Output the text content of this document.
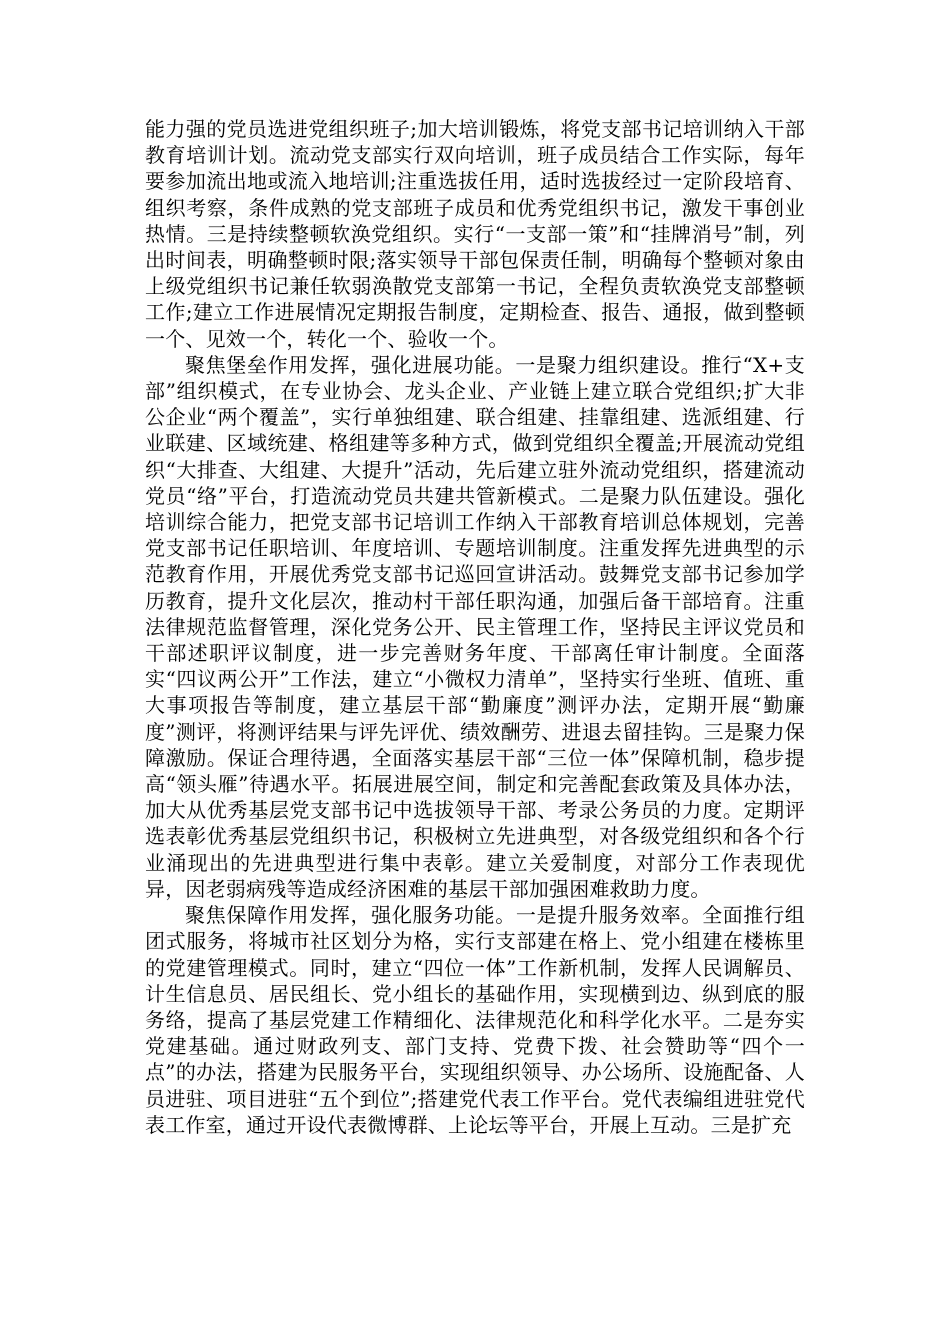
能力强的党员选进党组织班子;加大培训锻炼，将党支部书记培训纳入干部教育培训计划。流动党支部实行双向培训，班子成员结合工作实际，每年要参加流出地或流入地培训;注重选拔任用，适时选拔经过一定阶段培育、组织考察，条件成熟的党支部班子成员和优秀党组织书记，激发干事创业热情。三是持续整顿软涣党组织。实行“一支部一策”和“挂牌消号”制，列出时间表，明确整顿时限;落实领导干部包保责任制，明确每个整顿对象由上级党组织书记兼任软弱涣散党支部第一书记，全程负责软涣党支部整顿工作;建立工作进展情况定期报告制度，定期检查、报告、通报，做到整顿一个、见效一个，转化一个、验收一个。

聚焦堡垒作用发挥，强化进展功能。一是聚力组织建设。推行“X+支部”组织模式，在专业协会、龙头企业、产业链上建立联合党组织;扩大非公企业“两个覆盖”，实行单独组建、联合组建、挂靠组建、选派组建、行业联建、区域统建、格组建等多种方式，做到党组织全覆盖;开展流动党组织“大排查、大组建、大提升”活动，先后建立驻外流动党组织，搭建流动党员“络”平台，打造流动党员共建共管新模式。二是聚力队伍建设。强化培训综合能力，把党支部书记培训工作纳入干部教育培训总体规划，完善党支部书记任职培训、年度培训、专题培训制度。注重发挥先进典型的示范教育作用，开展优秀党支部书记巡回宣讲活动。鼓舞党支部书记参加学历教育，提升文化层次，推动村干部任职沟通，加强后备干部培育。注重法律规范监督管理，深化党务公开、民主管理工作，坚持民主评议党员和干部述职评议制度，进一步完善财务年度、干部离任审计制度。全面落实“四议两公开”工作法，建立“小微权力清单”，坚持实行坐班、值班、重大事项报告等制度，建立基层干部“勤廉度”测评办法，定期开展“勤廉度”测评，将测评结果与评先评优、绩效酬劳、进退去留挂钩。三是聚力保障激励。保证合理待遇，全面落实基层干部“三位一体”保障机制，稳步提高“领头雁”待遇水平。拓展进展空间，制定和完善配套政策及具体办法，加大从优秀基层党支部书记中选拔领导干部、考录公务员的力度。定期评选表彰优秀基层党组织书记，积极树立先进典型，对各级党组织和各个行业涌现出的先进典型进行集中表彰。建立关爱制度，对部分工作表现优异，因老弱病残等造成经济困难的基层干部加强困难救助力度。

聚焦保障作用发挥，强化服务功能。一是提升服务效率。全面推行组团式服务，将城市社区划分为格，实行支部建在格上、党小组建在楼栋里的党建管理模式。同时，建立“四位一体”工作新机制，发挥人民调解员、计生信息员、居民组长、党小组长的基础作用，实现横到边、纵到底的服务络，提高了基层党建工作精细化、法律规范化和科学化水平。二是夯实党建基础。通过财政列支、部门支持、党费下拨、社会赞助等“四个一点”的办法，搭建为民服务平台，实现组织领导、办公场所、设施配备、人员进驻、项目进驻“五个到位”;搭建党代表工作平台。党代表编组进驻党代表工作室，通过开设代表微博群、上论坛等平台，开展上互动。三是扩充
